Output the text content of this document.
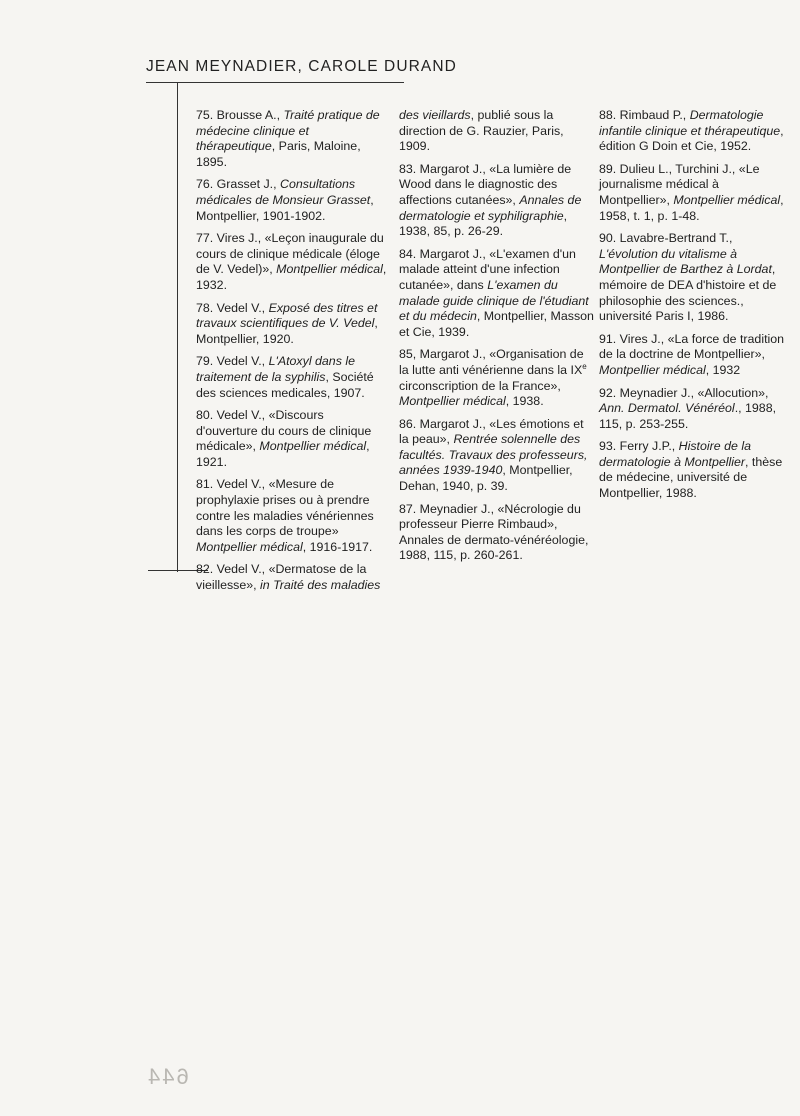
JEAN MEYNADIER, CAROLE DURAND

75. Brousse A., Traité pratique de médecine clinique et thérapeutique, Paris, Maloine, 1895.

76. Grasset J., Consultations médicales de Monsieur Grasset, Montpellier, 1901-1902.

77. Vires J., «Leçon inaugurale du cours de clinique médicale (éloge de V. Vedel)», Montpellier médical, 1932.

78. Vedel V., Exposé des titres et travaux scientifiques de V. Vedel, Montpellier, 1920.

79. Vedel V., L'Atoxyl dans le traitement de la syphilis, Société des sciences medicales, 1907.

80. Vedel V., «Discours d'ouverture du cours de clinique médicale», Montpellier médical, 1921.

81. Vedel V., «Mesure de prophylaxie prises ou à prendre contre les maladies vénériennes dans les corps de troupe» Montpellier médical, 1916-1917.

82. Vedel V., «Dermatose de la vieillesse», in Traité des maladies

des vieillards, publié sous la direction de G. Rauzier, Paris, 1909.

83. Margarot J., «La lumière de Wood dans le diagnostic des affections cutanées», Annales de dermatologie et syphiligraphie, 1938, 85, p. 26-29.

84. Margarot J., «L'examen d'un malade atteint d'une infection cutanée», dans L'examen du malade guide clinique de l'étudiant et du médecin, Montpellier, Masson et Cie, 1939.

85, Margarot J., «Organisation de la lutte anti vénérienne dans la IXe circonscription de la France», Montpellier médical, 1938.

86. Margarot J., «Les émotions et la peau», Rentrée solennelle des facultés. Travaux des professeurs, années 1939-1940, Montpellier, Dehan, 1940, p. 39.

87. Meynadier J., «Nécrologie du professeur Pierre Rimbaud», Annales de dermato-vénéréologie, 1988, 115, p. 260-261.

88. Rimbaud P., Dermatologie infantile clinique et thérapeutique, édition G Doin et Cie, 1952.

89. Dulieu L., Turchini J., «Le journalisme médical à Montpellier», Montpellier médical, 1958, t. 1, p. 1-48.

90. Lavabre-Bertrand T., L'évolution du vitalisme à Montpellier de Barthez à Lordat, mémoire de DEA d'histoire et de philosophie des sciences., université Paris I, 1986.

91. Vires J., «La force de tradition de la doctrine de Montpellier», Montpellier médical, 1932

92. Meynadier J., «Allocution», Ann. Dermatol. Vénéréol., 1988, 115, p. 253-255.

93. Ferry J.P., Histoire de la dermatologie à Montpellier, thèse de médecine, université de Montpellier, 1988.

644
